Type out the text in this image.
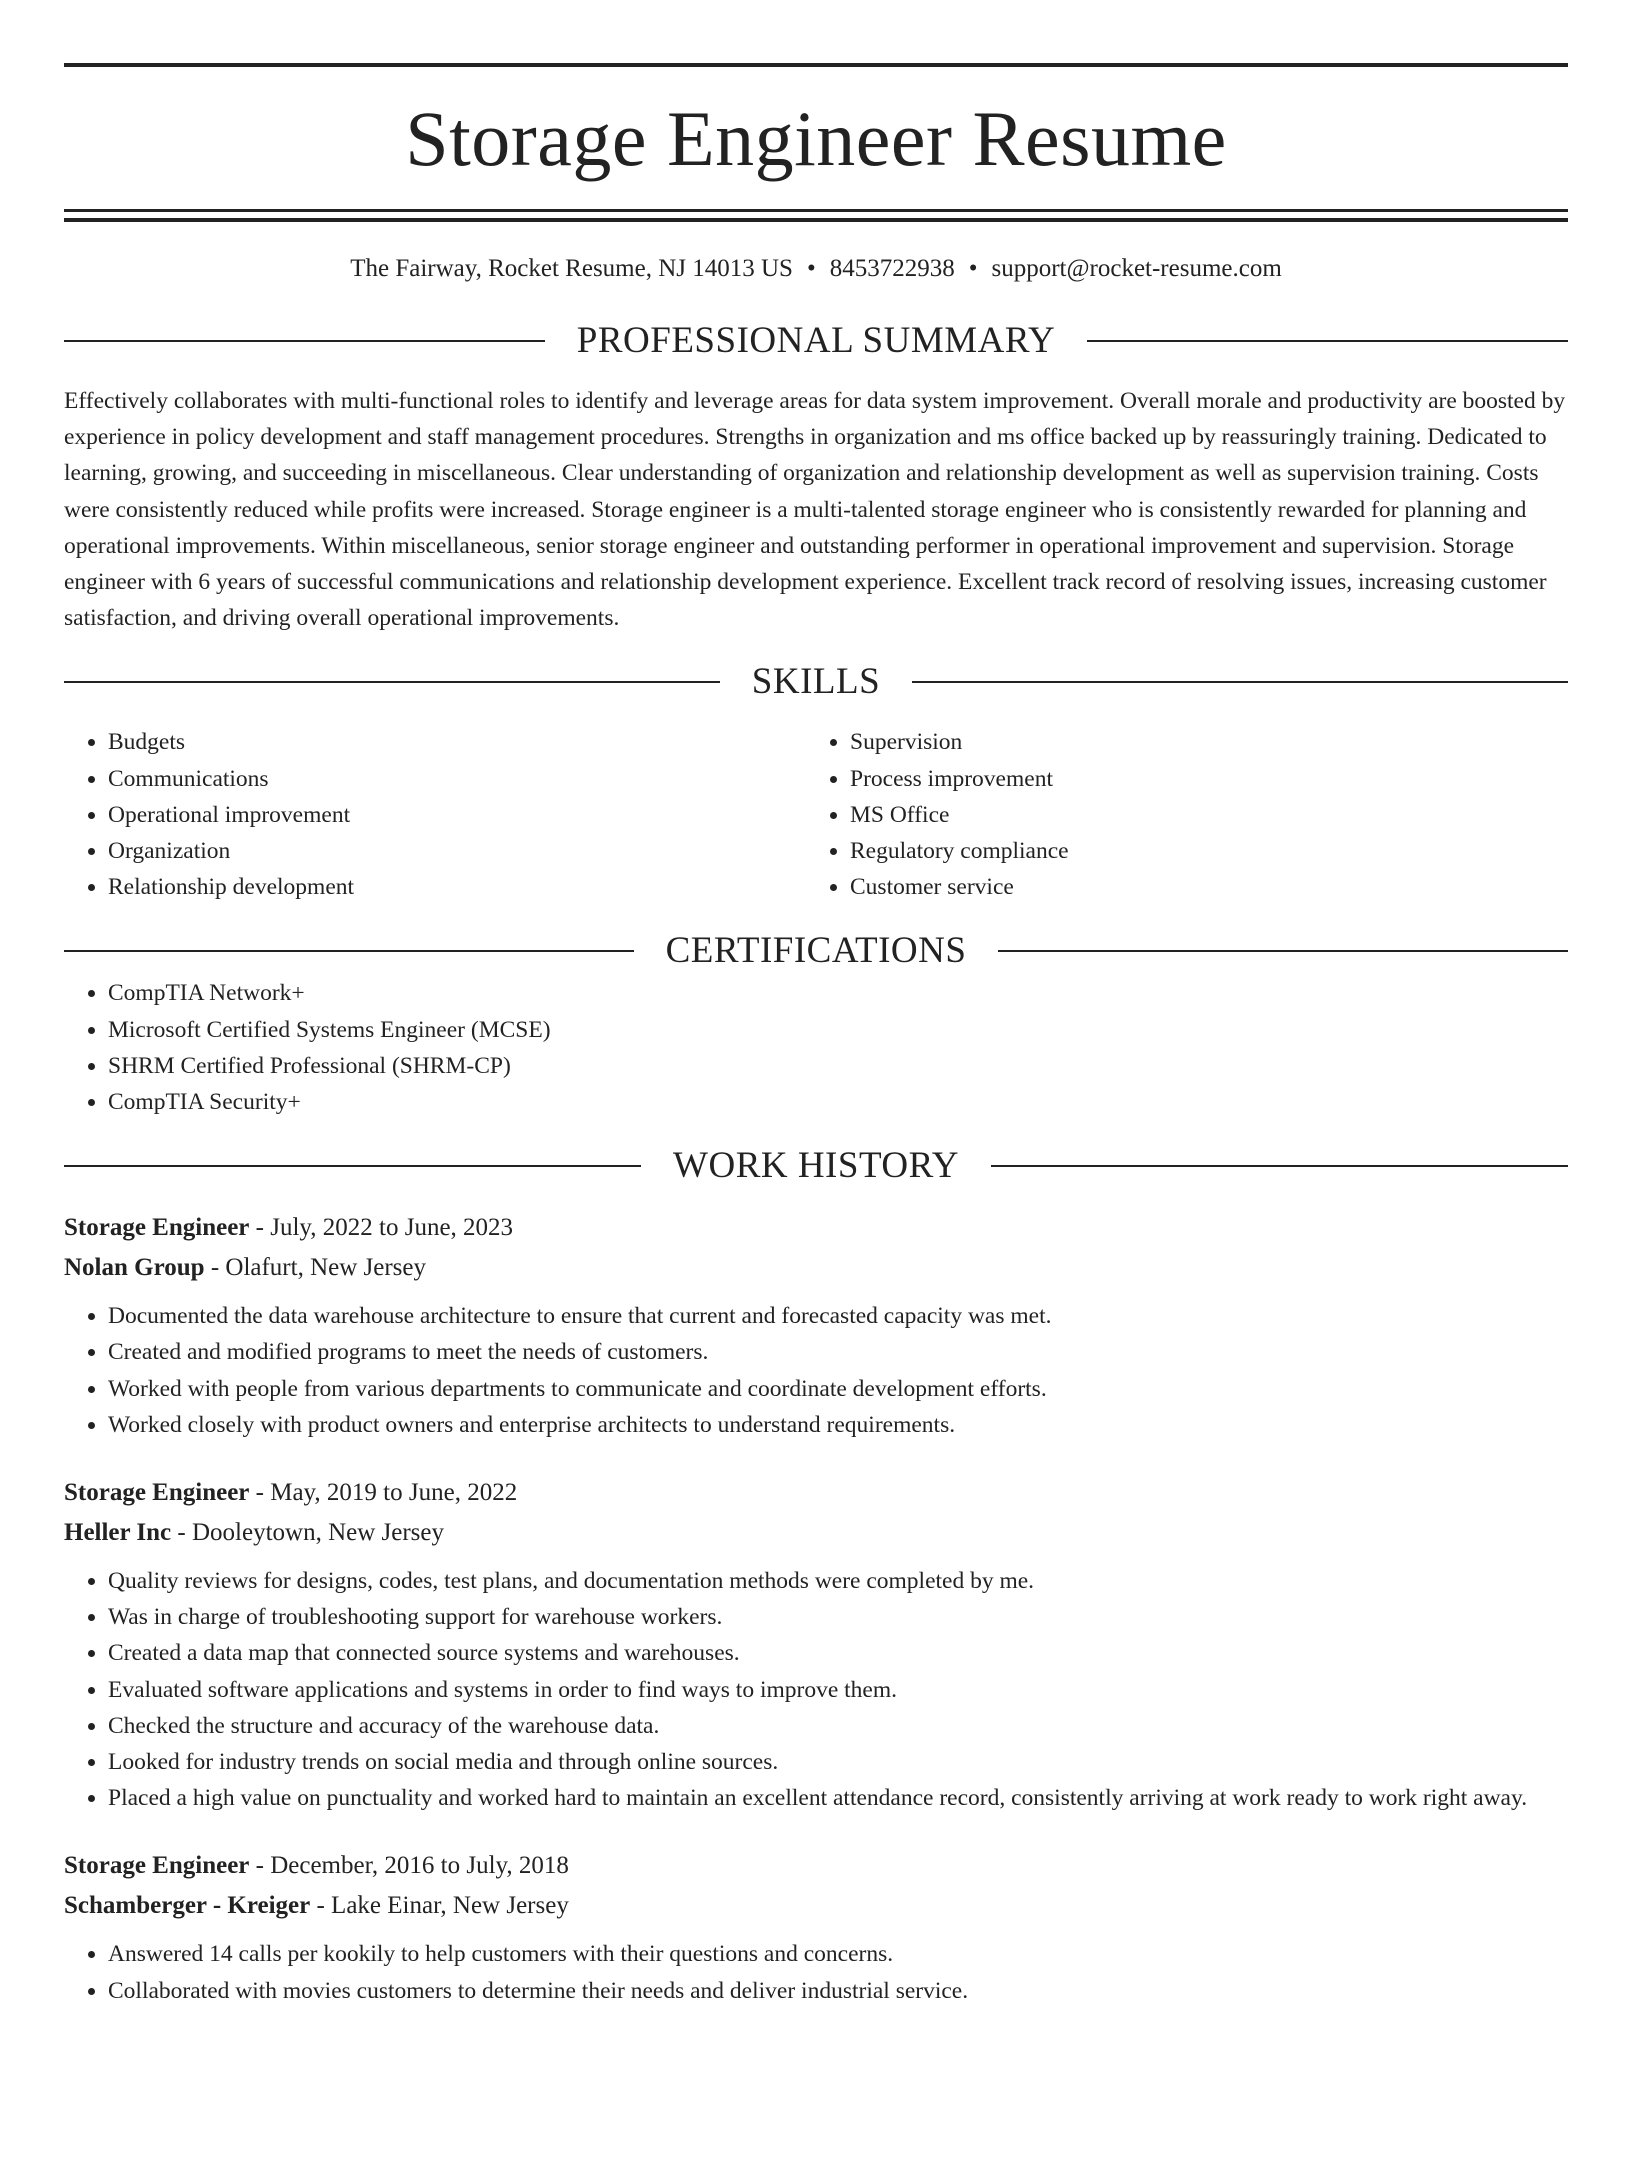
Storage Engineer Resume
The Fairway, Rocket Resume, NJ 14013 US • 8453722938 • support@rocket-resume.com
PROFESSIONAL SUMMARY

Effectively collaborates with multi-functional roles to identify and leverage areas for data system improvement. Overall morale and productivity are boosted by experience in policy development and staff management procedures. Strengths in organization and ms office backed up by reassuringly training. Dedicated to learning, growing, and succeeding in miscellaneous. Clear understanding of organization and relationship development as well as supervision training. Costs were consistently reduced while profits were increased. Storage engineer is a multi-talented storage engineer who is consistently rewarded for planning and operational improvements. Within miscellaneous, senior storage engineer and outstanding performer in operational improvement and supervision. Storage engineer with 6 years of successful communications and relationship development experience. Excellent track record of resolving issues, increasing customer satisfaction, and driving overall operational improvements.

SKILLS
• Budgets
• Communications
• Operational improvement
• Organization
• Relationship development
• Supervision
• Process improvement
• MS Office
• Regulatory compliance
• Customer service
CERTIFICATIONS
• CompTIA Network+
• Microsoft Certified Systems Engineer (MCSE)
• SHRM Certified Professional (SHRM-CP)
• CompTIA Security+
WORK HISTORY
Storage Engineer - July, 2022 to June, 2023
Nolan Group - Olafurt, New Jersey
• Documented the data warehouse architecture to ensure that current and forecasted capacity was met.
• Created and modified programs to meet the needs of customers.
• Worked with people from various departments to communicate and coordinate development efforts.
• Worked closely with product owners and enterprise architects to understand requirements.
Storage Engineer - May, 2019 to June, 2022
Heller Inc - Dooleytown, New Jersey
• Quality reviews for designs, codes, test plans, and documentation methods were completed by me.
• Was in charge of troubleshooting support for warehouse workers.
• Created a data map that connected source systems and warehouses.
• Evaluated software applications and systems in order to find ways to improve them.
• Checked the structure and accuracy of the warehouse data.
• Looked for industry trends on social media and through online sources.
• Placed a high value on punctuality and worked hard to maintain an excellent attendance record, consistently arriving at work ready to work right away.
Storage Engineer - December, 2016 to July, 2018
Schamberger - Kreiger - Lake Einar, New Jersey
• Answered 14 calls per kookily to help customers with their questions and concerns.
• Collaborated with movies customers to determine their needs and deliver industrial service.
